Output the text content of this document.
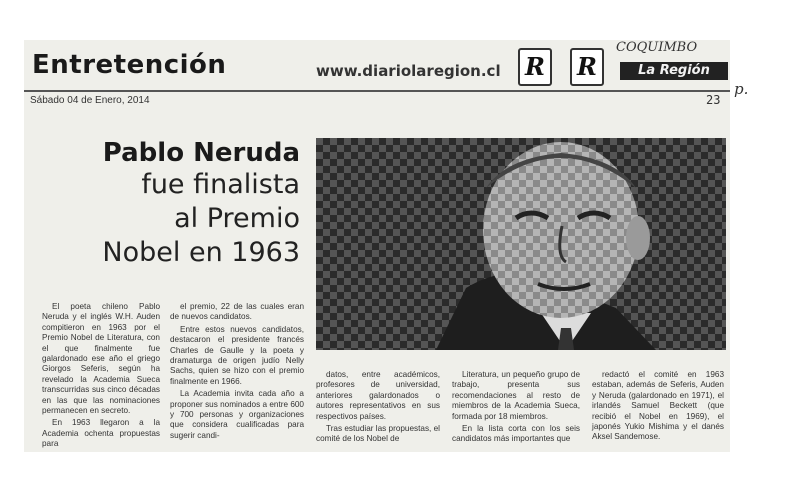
Entretención	www.diariolaregion.cl R R	La Región
Sábado 04 de Enero, 2014	23
Pablo Neruda
fue finalista
al Premio
Nobel en 1963

El poeta chileno Pablo Neruda y el inglés W.H. Auden compitieron en 1963 por el Premio Nobel de Literatura, con el que finalmente fue galardonado ese año el griego Giorgos Seferis, según ha revelado la Academia Sueca transcurridas sus cinco décadas en las que las nominaciones permanecen en secreto.

En 1963 llegaron a la Academia ochenta propuestas para

el premio, 22 de las cuales eran de nuevos candidatos.

Entre estos nuevos candidatos, destacaron el presidente francés Charles de Gaulle y la poeta y dramaturga de origen judío Nelly Sachs, quien se hizo con el premio finalmente en 1966.

La Academia invita cada año a proponer sus nominados a entre 600 y 700 personas y organizaciones que considera cualificadas para sugerir candi-

datos, entre académicos, profesores de universidad, anteriores galardonados o autores representativos en sus respectivos países.

Tras estudiar las propuestas, el comité de los Nobel de

Literatura, un pequeño grupo de trabajo, presenta sus recomendaciones al resto de miembros de la Academia Sueca, formada por 18 miembros.

En la lista corta con los seis candidatos más importantes que

redactó el comité en 1963 estaban, además de Seferis, Auden y Neruda (galardonado en 1971), el irlandés Samuel Beckett (que recibió el Nobel en 1969), el japonés Yukio Mishima y el danés Aksel Sandemose.

COQUIMBO
p.
